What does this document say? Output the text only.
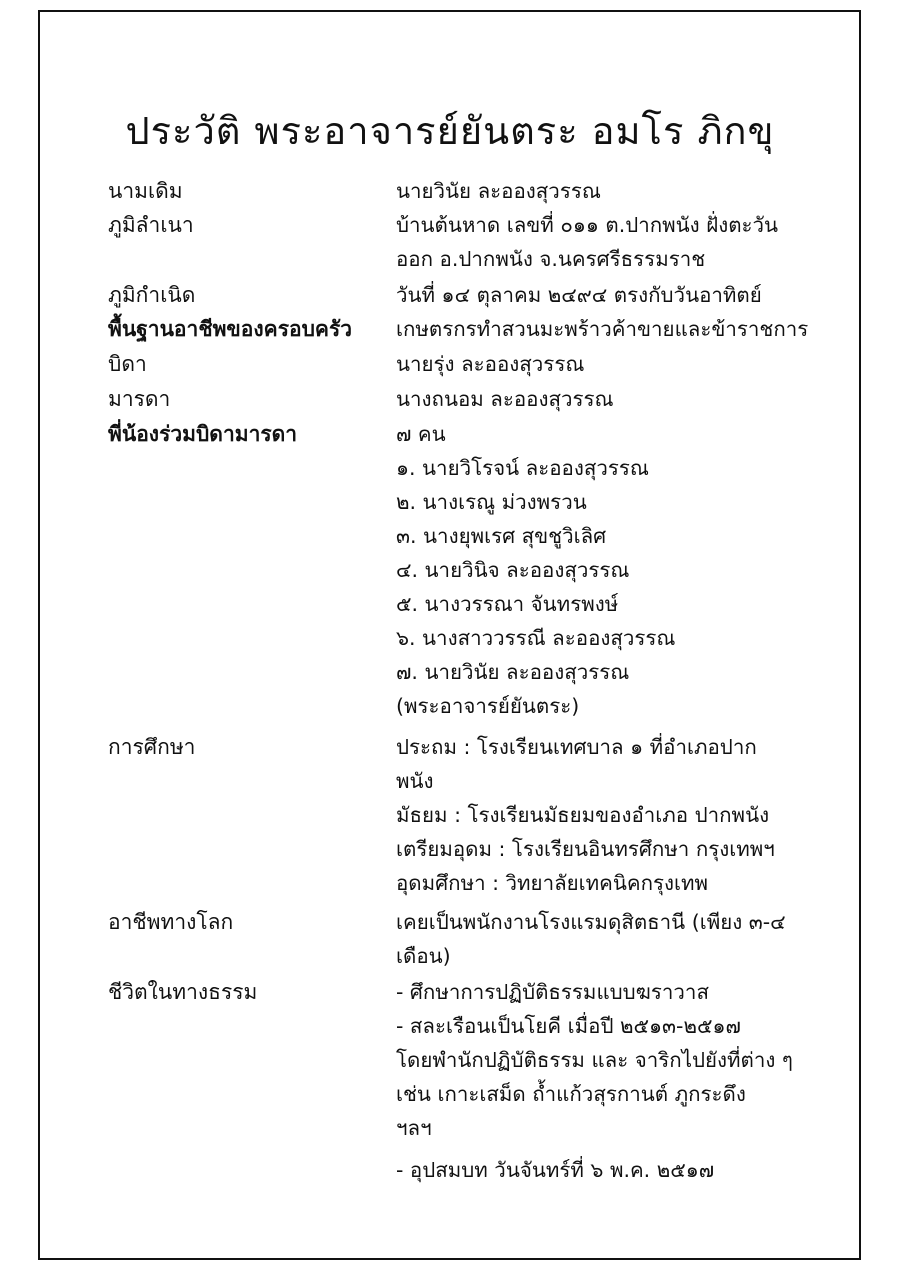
ประวัติ พระอาจารย์ยันตระ อมโร ภิกขุ
นามเดิม	นายวินัย ละอองสุวรรณ
ภูมิลำเนา	บ้านต้นหาด เลขที่ ๐๑๑ ต.ปากพนัง ฝั่งตะวัน
ออก อ.ปากพนัง จ.นครศรีธรรมราช
ภูมิกำเนิด	วันที่ ๑๔ ตุลาคม ๒๔๙๔ ตรงกับวันอาทิตย์
พื้นฐานอาชีพของครอบครัว	เกษตรกรทำสวนมะพร้าวค้าขายและข้าราชการ
บิดา	นายรุ่ง ละอองสุวรรณ
มารดา	นางถนอม ละอองสุวรรณ
พี่น้องร่วมบิดามารดา	๗ คน
๑. นายวิโรจน์ ละอองสุวรรณ
๒. นางเรณู ม่วงพรวน
๓. นางยุพเรศ สุขชูวิเลิศ
๔. นายวินิจ ละอองสุวรรณ
๕. นางวรรณา จันทรพงษ์
๖. นางสาววรรณี ละอองสุวรรณ
๗. นายวินัย ละอองสุวรรณ
(พระอาจารย์ยันตระ)
การศึกษา	ประถม : โรงเรียนเทศบาล ๑ ที่อำเภอปาก
พนัง
มัธยม : โรงเรียนมัธยมของอำเภอ ปากพนัง
เตรียมอุดม : โรงเรียนอินทรศึกษา กรุงเทพฯ
อุดมศึกษา : วิทยาลัยเทคนิคกรุงเทพ
อาชีพทางโลก	เคยเป็นพนักงานโรงแรมดุสิตธานี (เพียง ๓-๔
เดือน)
ชีวิตในทางธรรม	- ศึกษาการปฏิบัติธรรมแบบฆราวาส
- สละเรือนเป็นโยคี เมื่อปี ๒๕๑๓-๒๕๑๗
โดยพำนักปฏิบัติธรรม และ จาริกไปยังที่ต่าง ๆ
เช่น เกาะเสม็ด ถ้ำแก้วสุรกานต์ ภูกระดึง
ฯลฯ
- อุปสมบท วันจันทร์ที่ ๖ พ.ค. ๒๕๑๗
